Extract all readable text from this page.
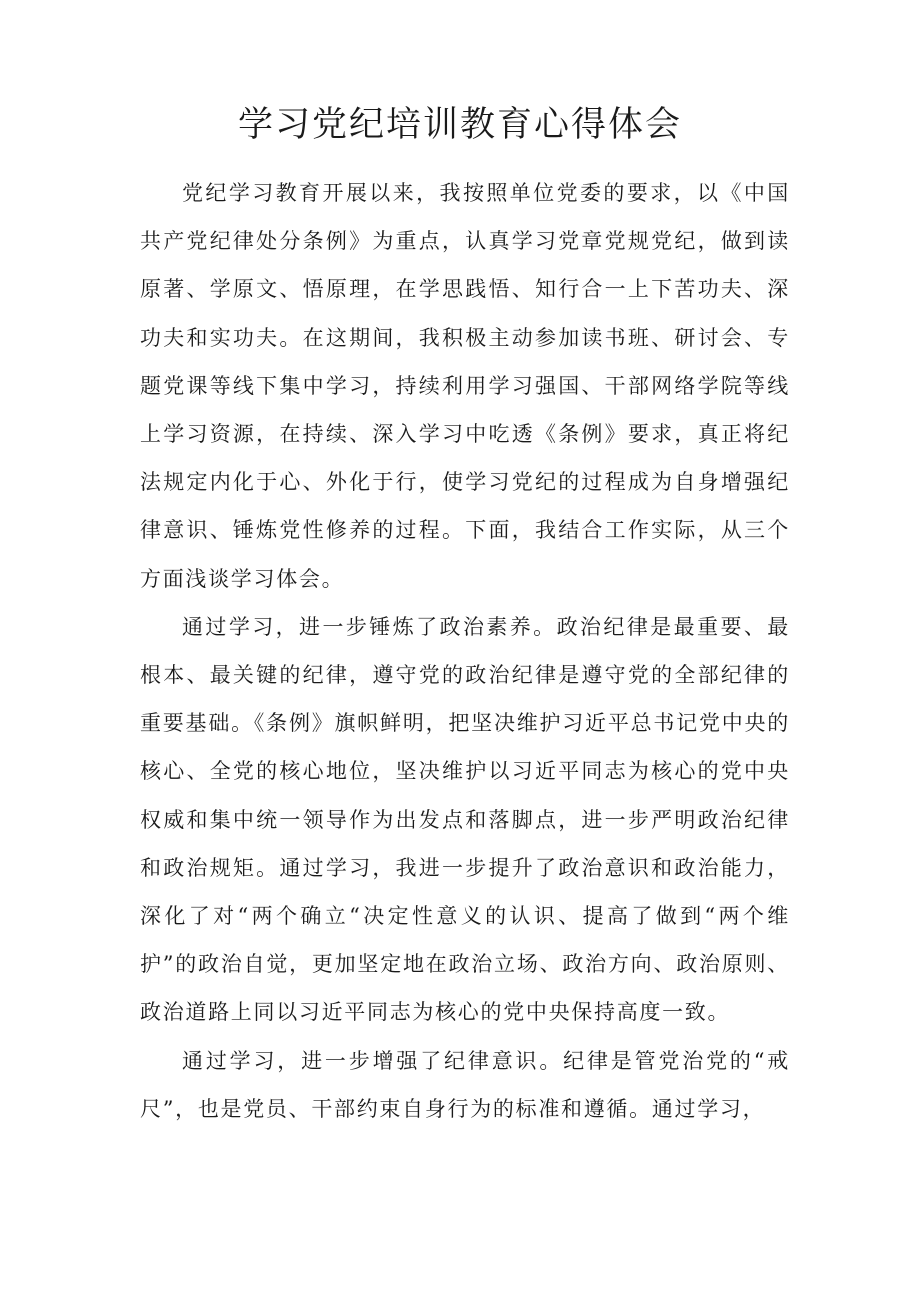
学习党纪培训教育心得体会

党纪学习教育开展以来，我按照单位党委的要求，以《中国共产党纪律处分条例》为重点，认真学习党章党规党纪，做到读原著、学原文、悟原理，在学思践悟、知行合一上下苦功夫、深功夫和实功夫。在这期间，我积极主动参加读书班、研讨会、专题党课等线下集中学习，持续利用学习强国、干部网络学院等线上学习资源，在持续、深入学习中吃透《条例》要求，真正将纪法规定内化于心、外化于行，使学习党纪的过程成为自身增强纪律意识、锤炼党性修养的过程。下面，我结合工作实际，从三个方面浅谈学习体会。

通过学习，进一步锤炼了政治素养。政治纪律是最重要、最根本、最关键的纪律，遵守党的政治纪律是遵守党的全部纪律的重要基础。《条例》旗帜鲜明，把坚决维护习近平总书记党中央的核心、全党的核心地位，坚决维护以习近平同志为核心的党中央权威和集中统一领导作为出发点和落脚点，进一步严明政治纪律和政治规矩。通过学习，我进一步提升了政治意识和政治能力，深化了对“两个确立“决定性意义的认识、提高了做到“两个维护”的政治自觉，更加坚定地在政治立场、政治方向、政治原则、政治道路上同以习近平同志为核心的党中央保持高度一致。

通过学习，进一步增强了纪律意识。纪律是管党治党的“戒尺”，也是党员、干部约束自身行为的标准和遵循。通过学习，
